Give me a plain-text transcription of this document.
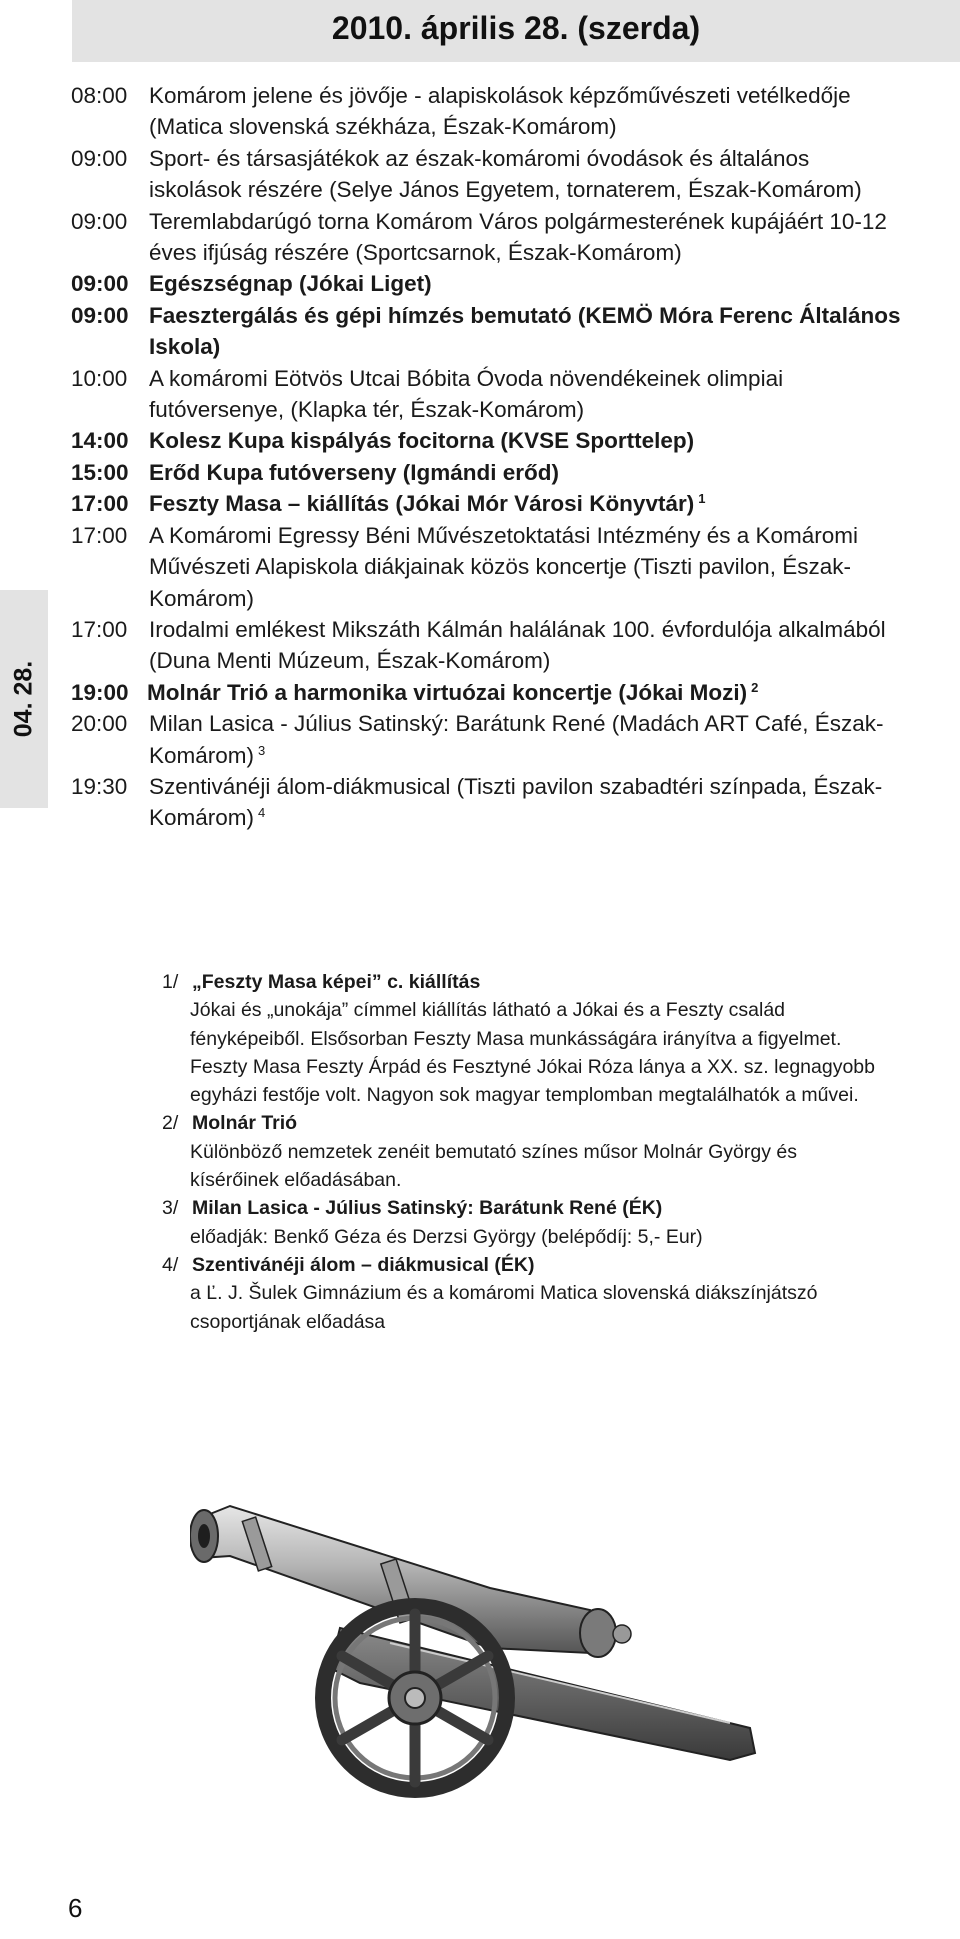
2010. április 28. (szerda)
04. 28.
08:00 Komárom jelene és jövője - alapiskolások képzőművészeti vetélkedője (Matica slovenská székháza, Észak-Komárom)
09:00 Sport- és társasjátékok az észak-komáromi óvodások és általános iskolások részére (Selye János Egyetem, tornaterem, Észak-Komárom)
09:00 Teremlabdarúgó torna Komárom Város polgármesterének kupájáért 10-12 éves ifjúság részére (Sportcsarnok, Észak-Komárom)
09:00 Egészségnap (Jókai Liget)
09:00 Faesztergálás és gépi hímzés bemutató (KEMÖ Móra Ferenc Általános Iskola)
10:00 A komáromi Eötvös Utcai Bóbita Óvoda növendékeinek olimpiai futóversenye, (Klapka tér, Észak-Komárom)
14:00 Kolesz Kupa kispályás focitorna (KVSE Sporttelep)
15:00 Erőd Kupa futóverseny (Igmándi erőd)
17:00 Feszty Masa – kiállítás (Jókai Mór Városi Könyvtár) $^1$
17:00 A Komáromi Egressy Béni Művészetoktatási Intézmény és a Komáromi Művészeti Alapiskola diákjainak közös koncertje (Tiszti pavilon, Észak-Komárom)
17:00 Irodalmi emlékest Mikszáth Kálmán halálának 100. évfordulója alkalmából (Duna Menti Múzeum, Észak-Komárom)
19:00 Molnár Trió a harmonika virtuózai koncertje (Jókai Mozi) $^2$
20:00 Milan Lasica - Július Satinský: Barátunk René (Madách ART Café, Észak-Komárom) $^3$
19:30 Szentivánéji álom-diákmusical (Tiszti pavilon szabadtéri színpada, Észak-Komárom) $^4$
1/ „Feszty Masa képei” c. kiállítás
Jókai és „unokája” címmel kiállítás látható a Jókai és a Feszty család fényképeiből. Elsősorban Feszty Masa munkásságára irányítva a figyelmet. Feszty Masa Feszty Árpád és Fesztyné Jókai Róza lánya a XX. sz. legnagyobb egyházi festője volt. Nagyon sok magyar templomban megtalálhatók a művei.
2/ Molnár Trió
Különböző nemzetek zenéit bemutató színes műsor Molnár György és kísérőinek előadásában.
3/ Milan Lasica - Július Satinský: Barátunk René (ÉK)
előadják: Benkő Géza és Derzsi György (belépődíj: 5,- Eur)
4/ Szentivánéji álom – diákmusical (ÉK)
a Ľ. J. Šulek Gimnázium és a komáromi Matica slovenská diákszínjátszó csoportjának előadása
6
